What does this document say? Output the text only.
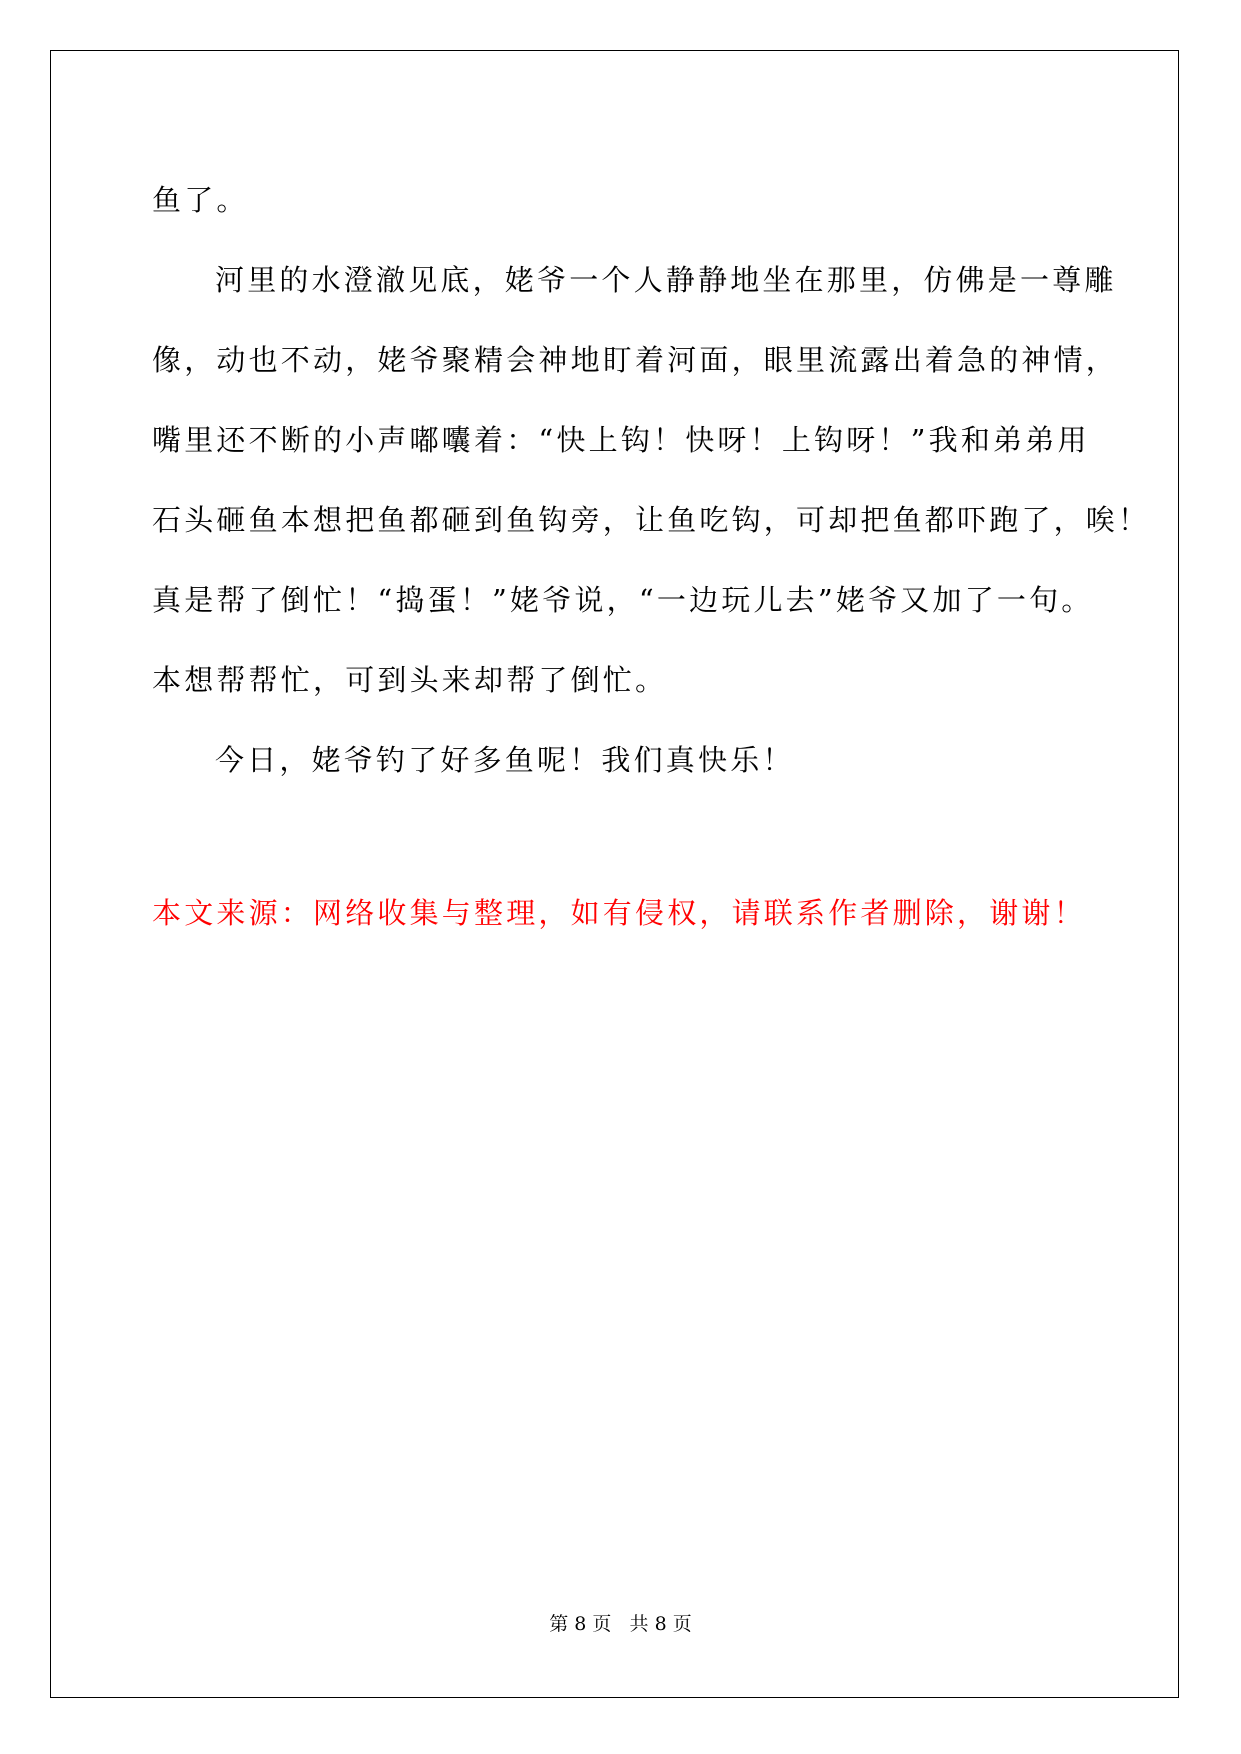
鱼了。
河里的水澄澈见底，姥爷一个人静静地坐在那里，仿佛是一尊雕
像，动也不动，姥爷聚精会神地盯着河面，眼里流露出着急的神情，
嘴里还不断的小声嘟囔着：“快上钩！快呀！上钩呀！”我和弟弟用
石头砸鱼本想把鱼都砸到鱼钩旁，让鱼吃钩，可却把鱼都吓跑了，唉！
真是帮了倒忙！“捣蛋！”姥爷说，“一边玩儿去”姥爷又加了一句。
本想帮帮忙，可到头来却帮了倒忙。
今日，姥爷钓了好多鱼呢！我们真快乐！
本文来源：网络收集与整理，如有侵权，请联系作者删除，谢谢！
第 8 页   共 8 页
